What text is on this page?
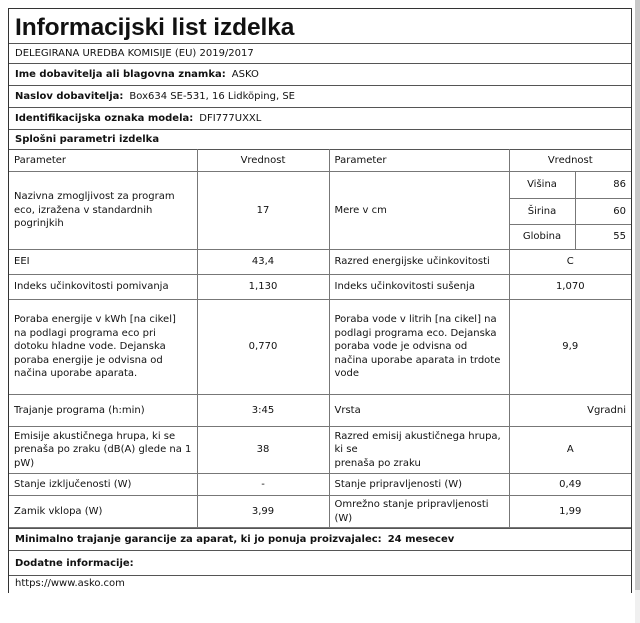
Informacijski list izdelka
DELEGIRANA UREDBA KOMISIJE (EU) 2019/2017
Ime dobavitelja ali blagovna znamka: ASKO
Naslov dobavitelja: Box634 SE-531, 16 Lidköping, SE
Identifikacijska oznaka modela: DFI777UXXL
Splošni parametri izdelka
Parameter	Vrednost	Parameter	Vrednost	
Nazivna zmogljivost za program eco, izražena v standardnih pogrinjkih	17	Mere v cm	Višina	86
			Širina	60
			Globina	55
EEI	43,4	Razred energijske učinkovitosti	C	
Indeks učinkovitosti pomivanja	1,130	Indeks učinkovitosti sušenja	1,070	
Poraba energije v kWh [na cikel] na podlagi programa eco pri dotoku hladne vode. Dejanska poraba energije je odvisna od načina uporabe aparata.	0,770	Poraba vode v litrih [na cikel] na podlagi programa eco. Dejanska poraba vode je odvisna od načina uporabe aparata in trdote vode	9,9	
Trajanje programa (h:min)	3:45	Vrsta	Vgradni	
Emisije akustičnega hrupa, ki se prenaša po zraku (dB(A) glede na 1 pW)	38	Razred emisij akustičnega hrupa, ki se
prenaša po zraku	A	
Stanje izključenosti (W)	-	Stanje pripravljenosti (W)	0,49	
Zamik vklopa (W)	3,99	Omrežno stanje pripravljenosti (W)	1,99	
Minimalno trajanje garancije za aparat, ki jo ponuja proizvajalec: 24 mesecev
Dodatne informacije:
https://www.asko.com
